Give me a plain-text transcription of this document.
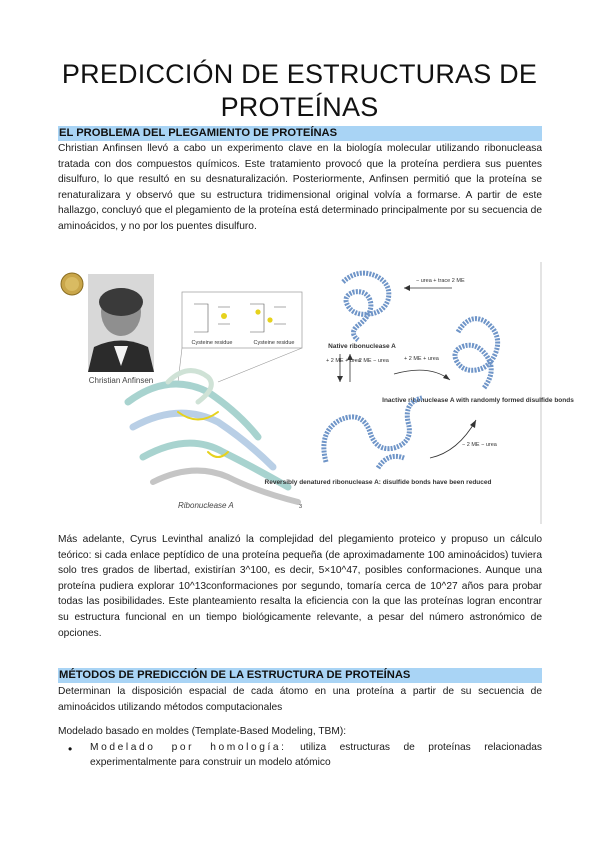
PREDICCIÓN DE ESTRUCTURAS DE PROTEÍNAS
EL PROBLEMA DEL PLEGAMIENTO DE PROTEÍNAS
Christian Anfinsen llevó a cabo un experimento clave en la biología molecular utilizando ribonucleasa tratada con dos compuestos químicos. Este tratamiento provocó que la proteína perdiera sus puentes disulfuro, lo que resultó en su desnaturalización. Posteriormente, Anfinsen permitió que la proteína se renaturalizara y observó que su estructura tridimensional original volvía a formarse. A partir de este hallazgo, concluyó que el plegamiento de la proteína está determinado principalmente por su secuencia de aminoácidos, y no por los puentes disulfuro.
Christian Anfinsen
Cysteine residue	Cysteine residue
Ribonuclease A	3
Native ribonuclease A
− urea + trace 2 ME
Inactive ribonuclease A with randomly formed disulfide bonds
+ 2 ME + urea
− 2 ME − urea	+ 2 ME + urea
Reversibly denatured ribonuclease A: disulfide bonds have been reduced
− 2 ME − urea
Más adelante, Cyrus Levinthal analizó la complejidad del plegamiento proteico y propuso un cálculo teórico: si cada enlace peptídico de una proteína pequeña (de aproximadamente 100 aminoácidos) tuviera solo tres grados de libertad, existirían 3^100, es decir, 5×10^47, posibles conformaciones. Aunque una proteína pudiera explorar 10^13conformaciones por segundo, tomaría cerca de 10^27 años para probar todas las posibilidades. Este planteamiento resalta la eficiencia con la que las proteínas logran encontrar su estructura funcional en un tiempo biológicamente relevante, a pesar del número astronómico de opciones.
MÉTODOS DE PREDICCIÓN DE LA ESTRUCTURA DE PROTEÍNAS
Determinan la disposición espacial de cada átomo en una proteína a partir de su secuencia de aminoácidos utilizando métodos computacionales
Modelado basado en moldes (Template-Based Modeling, TBM):
• Modelado por homología: utiliza estructuras de proteínas relacionadas experimentalmente para construir un modelo atómico
